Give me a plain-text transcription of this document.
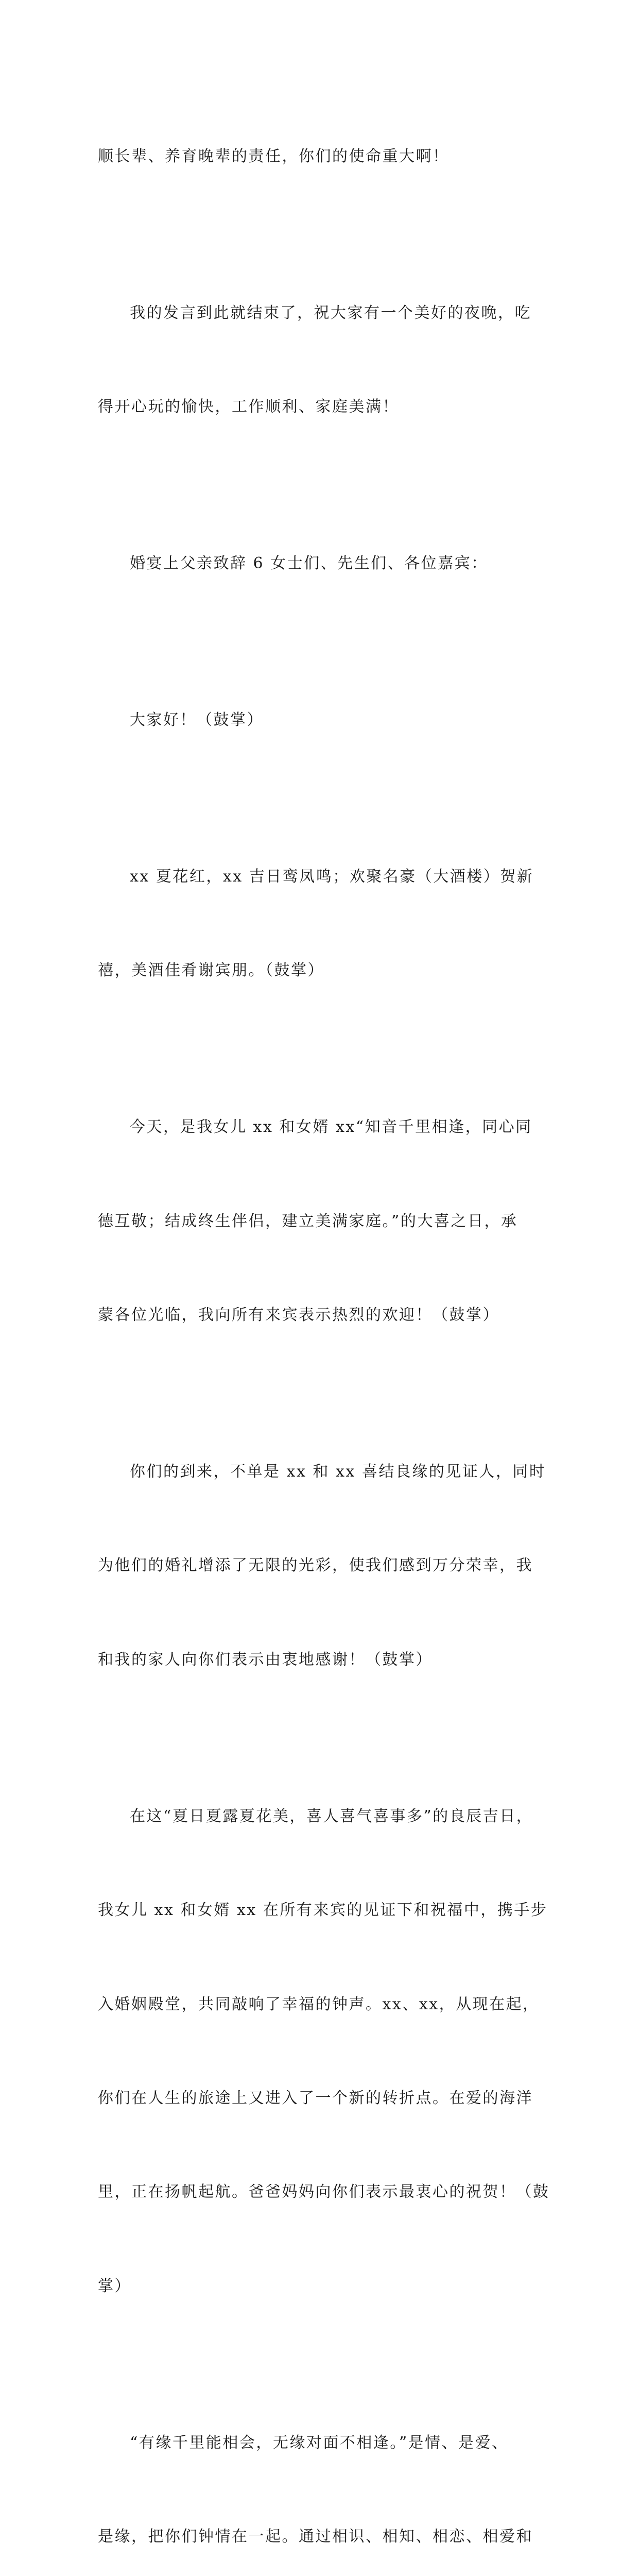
顺长辈、养育晚辈的责任，你们的使命重大啊！

我的发言到此就结束了，祝大家有一个美好的夜晚，吃

得开心玩的愉快，工作顺利、家庭美满！

婚宴上父亲致辞 6 女士们、先生们、各位嘉宾：

大家好！（鼓掌）

xx 夏花红，xx 吉日鸾凤鸣；欢聚名豪（大酒楼）贺新

禧，美酒佳肴谢宾朋。（鼓掌）

今天，是我女儿 xx 和女婿 xx“知音千里相逢，同心同

德互敬；结成终生伴侣，建立美满家庭。”的大喜之日，承

蒙各位光临，我向所有来宾表示热烈的欢迎！（鼓掌）

你们的到来，不单是 xx 和 xx 喜结良缘的见证人，同时

为他们的婚礼增添了无限的光彩，使我们感到万分荣幸，我

和我的家人向你们表示由衷地感谢！（鼓掌）

在这“夏日夏露夏花美，喜人喜气喜事多”的良辰吉日，

我女儿 xx 和女婿 xx 在所有来宾的见证下和祝福中，携手步

入婚姻殿堂，共同敲响了幸福的钟声。xx、xx，从现在起，

你们在人生的旅途上又进入了一个新的转折点。在爱的海洋

里，正在扬帆起航。爸爸妈妈向你们表示最衷心的祝贺！（鼓

掌）

“有缘千里能相会，无缘对面不相逢。”是情、是爱、

是缘，把你们钟情在一起。通过相识、相知、相恋、相爱和
